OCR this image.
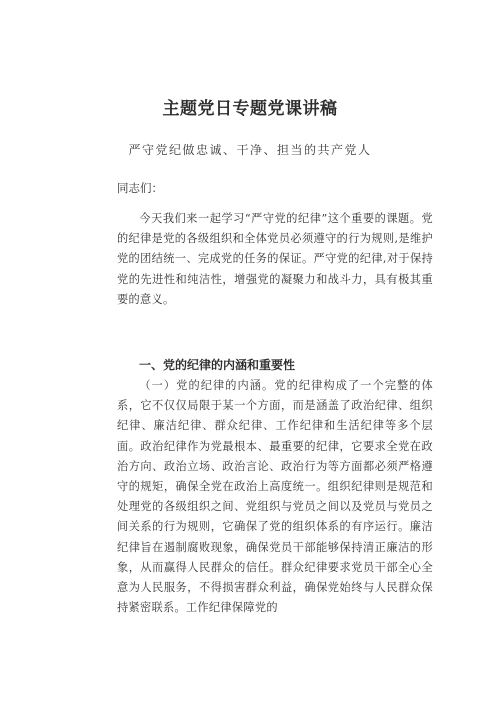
主题党日专题党课讲稿
严守党纪做忠诚、干净、担当的共产党人
同志们：

今天我们来一起学习“严守党的纪律”这个重要的课题。党的纪律是党的各级组织和全体党员必须遵守的行为规则,是维护党的团结统一、完成党的任务的保证。严守党的纪律,对于保持党的先进性和纯洁性，增强党的凝聚力和战斗力，具有极其重要的意义。

一、党的纪律的内涵和重要性

（一）党的纪律的内涵。党的纪律构成了一个完整的体系，它不仅仅局限于某一个方面，而是涵盖了政治纪律、组织纪律、廉洁纪律、群众纪律、工作纪律和生活纪律等多个层面。政治纪律作为党最根本、最重要的纪律，它要求全党在政治方向、政治立场、政治言论、政治行为等方面都必须严格遵守的规矩，确保全党在政治上高度统一。组织纪律则是规范和处理党的各级组织之间、党组织与党员之间以及党员与党员之间关系的行为规则，它确保了党的组织体系的有序运行。廉洁纪律旨在遏制腐败现象，确保党员干部能够保持清正廉洁的形象，从而赢得人民群众的信任。群众纪律要求党员干部全心全意为人民服务，不得损害群众利益，确保党始终与人民群众保持紧密联系。工作纪律保障党的
